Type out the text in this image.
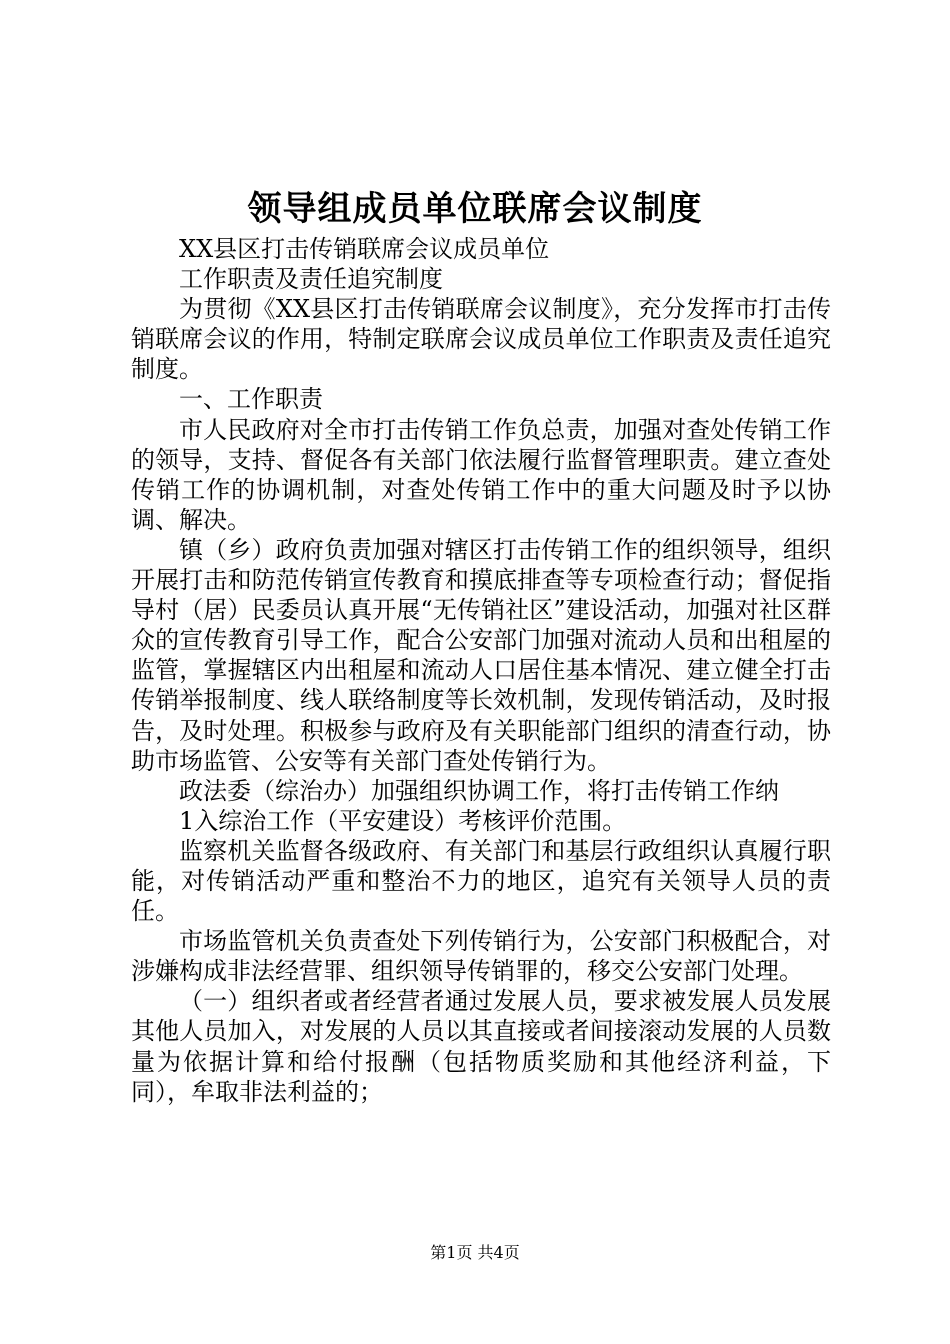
领导组成员单位联席会议制度

XX县区打击传销联席会议成员单位

工作职责及责任追究制度

为贯彻《XX县区打击传销联席会议制度》，充分发挥市打击传销联席会议的作用，特制定联席会议成员单位工作职责及责任追究制度。

一、工作职责

市人民政府对全市打击传销工作负总责，加强对查处传销工作的领导，支持、督促各有关部门依法履行监督管理职责。建立查处传销工作的协调机制，对查处传销工作中的重大问题及时予以协调、解决。

镇（乡）政府负责加强对辖区打击传销工作的组织领导，组织开展打击和防范传销宣传教育和摸底排查等专项检查行动；督促指导村（居）民委员认真开展“无传销社区”建设活动，加强对社区群众的宣传教育引导工作，配合公安部门加强对流动人员和出租屋的监管，掌握辖区内出租屋和流动人口居住基本情况、建立健全打击传销举报制度、线人联络制度等长效机制，发现传销活动，及时报告，及时处理。积极参与政府及有关职能部门组织的清查行动，协助市场监管、公安等有关部门查处传销行为。

政法委（综治办）加强组织协调工作，将打击传销工作纳

1入综治工作（平安建设）考核评价范围。

监察机关监督各级政府、有关部门和基层行政组织认真履行职能，对传销活动严重和整治不力的地区，追究有关领导人员的责任。

市场监管机关负责查处下列传销行为，公安部门积极配合，对涉嫌构成非法经营罪、组织领导传销罪的，移交公安部门处理。

（一）组织者或者经营者通过发展人员，要求被发展人员发展其他人员加入，对发展的人员以其直接或者间接滚动发展的人员数量为依据计算和给付报酬（包括物质奖励和其他经济利益，下同），牟取非法利益的；

第1页 共4页
